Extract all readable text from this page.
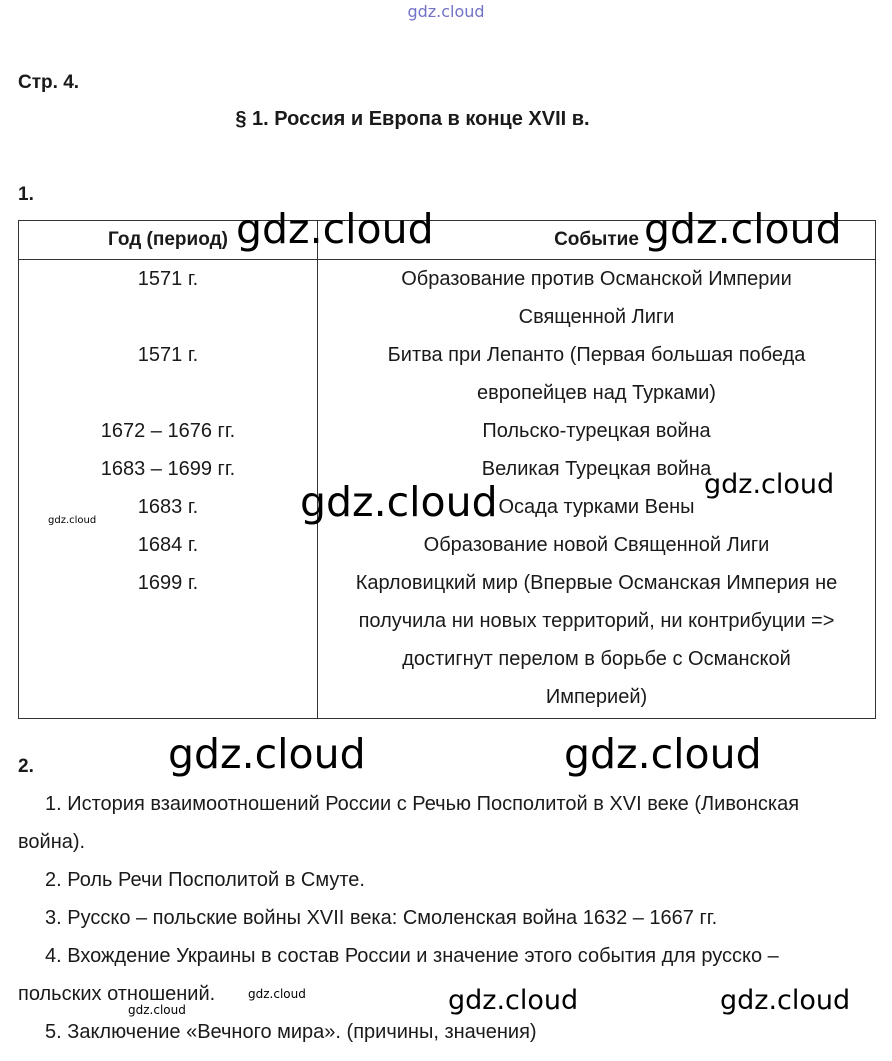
gdz.cloud
Стр. 4.
§ 1. Россия и Европа в конце XVII в.
1.
Год (период)	Событие
1571 г.	Образование против Османской Империи
Священной Лиги

1571 г.	Битва при Лепанто (Первая большая победа
европейцев над Турками)

1672 – 1676 гг.	Польско-турецкая война

1683 – 1699 гг.	Великая Турецкая война

1683 г.	Осада турками Вены

1684 г.	Образование новой Священной Лиги

1699 г.	Карловицкий мир (Впервые Османская Империя не
получила ни новых территорий, ни контрибуции =>
достигнут перелом в борьбе с Османской
Империей)
2.
1. История взаимоотношений России с Речью Посполитой в XVI веке (Ливонская
война).
2. Роль Речи Посполитой в Смуте.
3. Русско – польские войны XVII века: Смоленская война 1632 – 1667 гг.
4. Вхождение Украины в состав России и значение этого события для русско –
польских отношений.
5. Заключение «Вечного мира». (причины, значения)
gdz.cloud	gdz.cloud
gdz.cloud	gdz.cloud
gdz.cloud
gdz.cloud	gdz.cloud
gdz.cloud
gdz.cloud	gdz.cloud	gdz.cloud
